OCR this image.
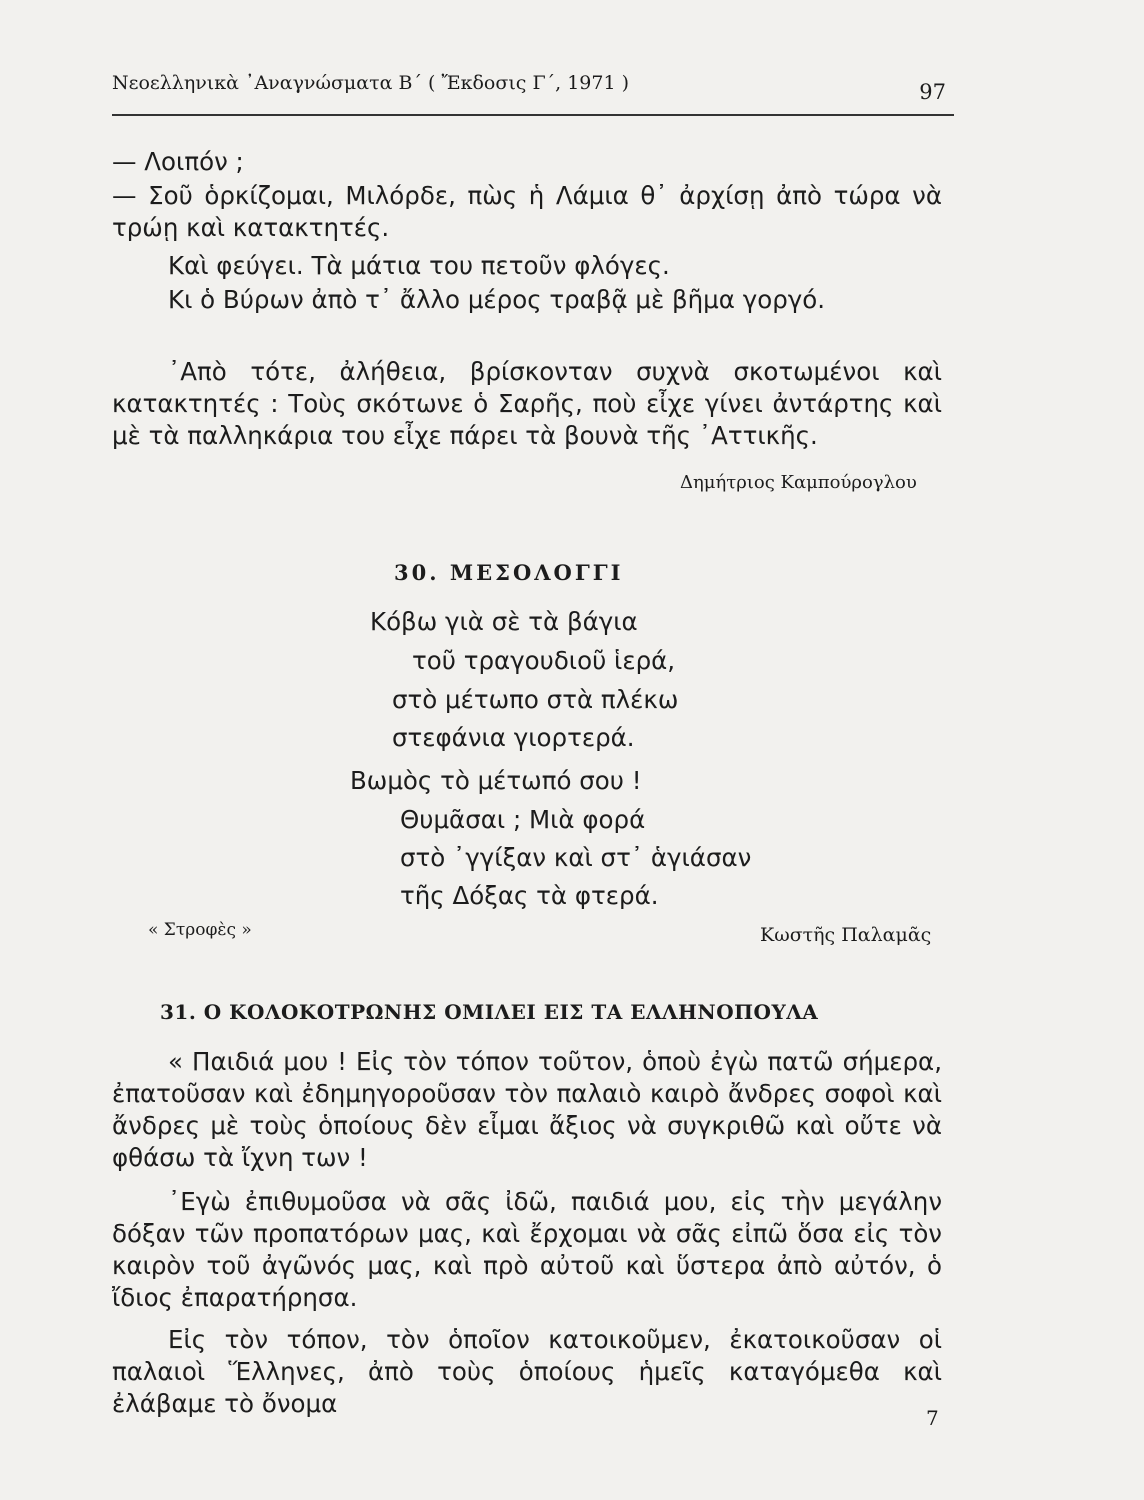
Νεοελληνικὰ ᾿Αναγνώσματα Β΄ ( Ἔκδοσις Γ΄, 1971 )	97

— Λοιπόν ;

— Σοῦ ὁρκίζομαι, Μιλόρδε, πὼς ἡ Λάμια θ᾿ ἀρχίσῃ ἀπὸ τώρα νὰ τρώῃ καὶ κατακτητές.

Καὶ φεύγει. Τὰ μάτια του πετοῦν φλόγες.

Κι ὁ Βύρων ἀπὸ τ᾿ ἄλλο μέρος τραβᾷ μὲ βῆμα γοργό.

᾿Απὸ τότε, ἀλήθεια, βρίσκονταν συχνὰ σκοτωμένοι καὶ κατακτητές : Τοὺς σκότωνε ὁ Σαρῆς, ποὺ εἶχε γίνει ἀντάρτης καὶ μὲ τὰ παλληκάρια του εἶχε πάρει τὰ βουνὰ τῆς ᾿Αττικῆς.

Δημήτριος Καμπούρογλου
30. ΜΕΣΟΛΟΓΓΙ
Κόβω γιὰ σὲ τὰ βάγια
τοῦ τραγουδιοῦ ἱερά,
στὸ μέτωπο στὰ πλέκω
στεφάνια γιορτερά.
Βωμὸς τὸ μέτωπό σου !
Θυμᾶσαι ; Μιὰ φορά
στὸ ᾿γγίξαν καὶ στ᾿ ἁγιάσαν
τῆς Δόξας τὰ φτερά.
« Στροφὲς »	Κωστῆς Παλαμᾶς
31. Ο ΚΟΛΟΚΟΤΡΩΝΗΣ ΟΜΙΛΕΙ ΕΙΣ ΤΑ ΕΛΛΗΝΟΠΟΥΛΑ

« Παιδιά μου ! Εἰς τὸν τόπον τοῦτον, ὁποὺ ἐγὼ πατῶ σήμερα, ἐπατοῦσαν καὶ ἐδημηγοροῦσαν τὸν παλαιὸ καιρὸ ἄνδρες σοφοὶ καὶ ἄνδρες μὲ τοὺς ὁποίους δὲν εἶμαι ἄξιος νὰ συγκριθῶ καὶ οὔτε νὰ φθάσω τὰ ἴχνη των !

᾿Εγὼ ἐπιθυμοῦσα νὰ σᾶς ἰδῶ, παιδιά μου, εἰς τὴν μεγάλην δόξαν τῶν προπατόρων μας, καὶ ἔρχομαι νὰ σᾶς εἰπῶ ὅσα εἰς τὸν καιρὸν τοῦ ἀγῶνός μας, καὶ πρὸ αὐτοῦ καὶ ὕστερα ἀπὸ αὐτόν, ὁ ἴδιος ἐπαρατήρησα.

Εἰς τὸν τόπον, τὸν ὁποῖον κατοικοῦμεν, ἐκατοικοῦσαν οἱ παλαιοὶ Ἕλληνες, ἀπὸ τοὺς ὁποίους ἡμεῖς καταγόμεθα καὶ ἐλάβαμε τὸ ὄνομα	7
